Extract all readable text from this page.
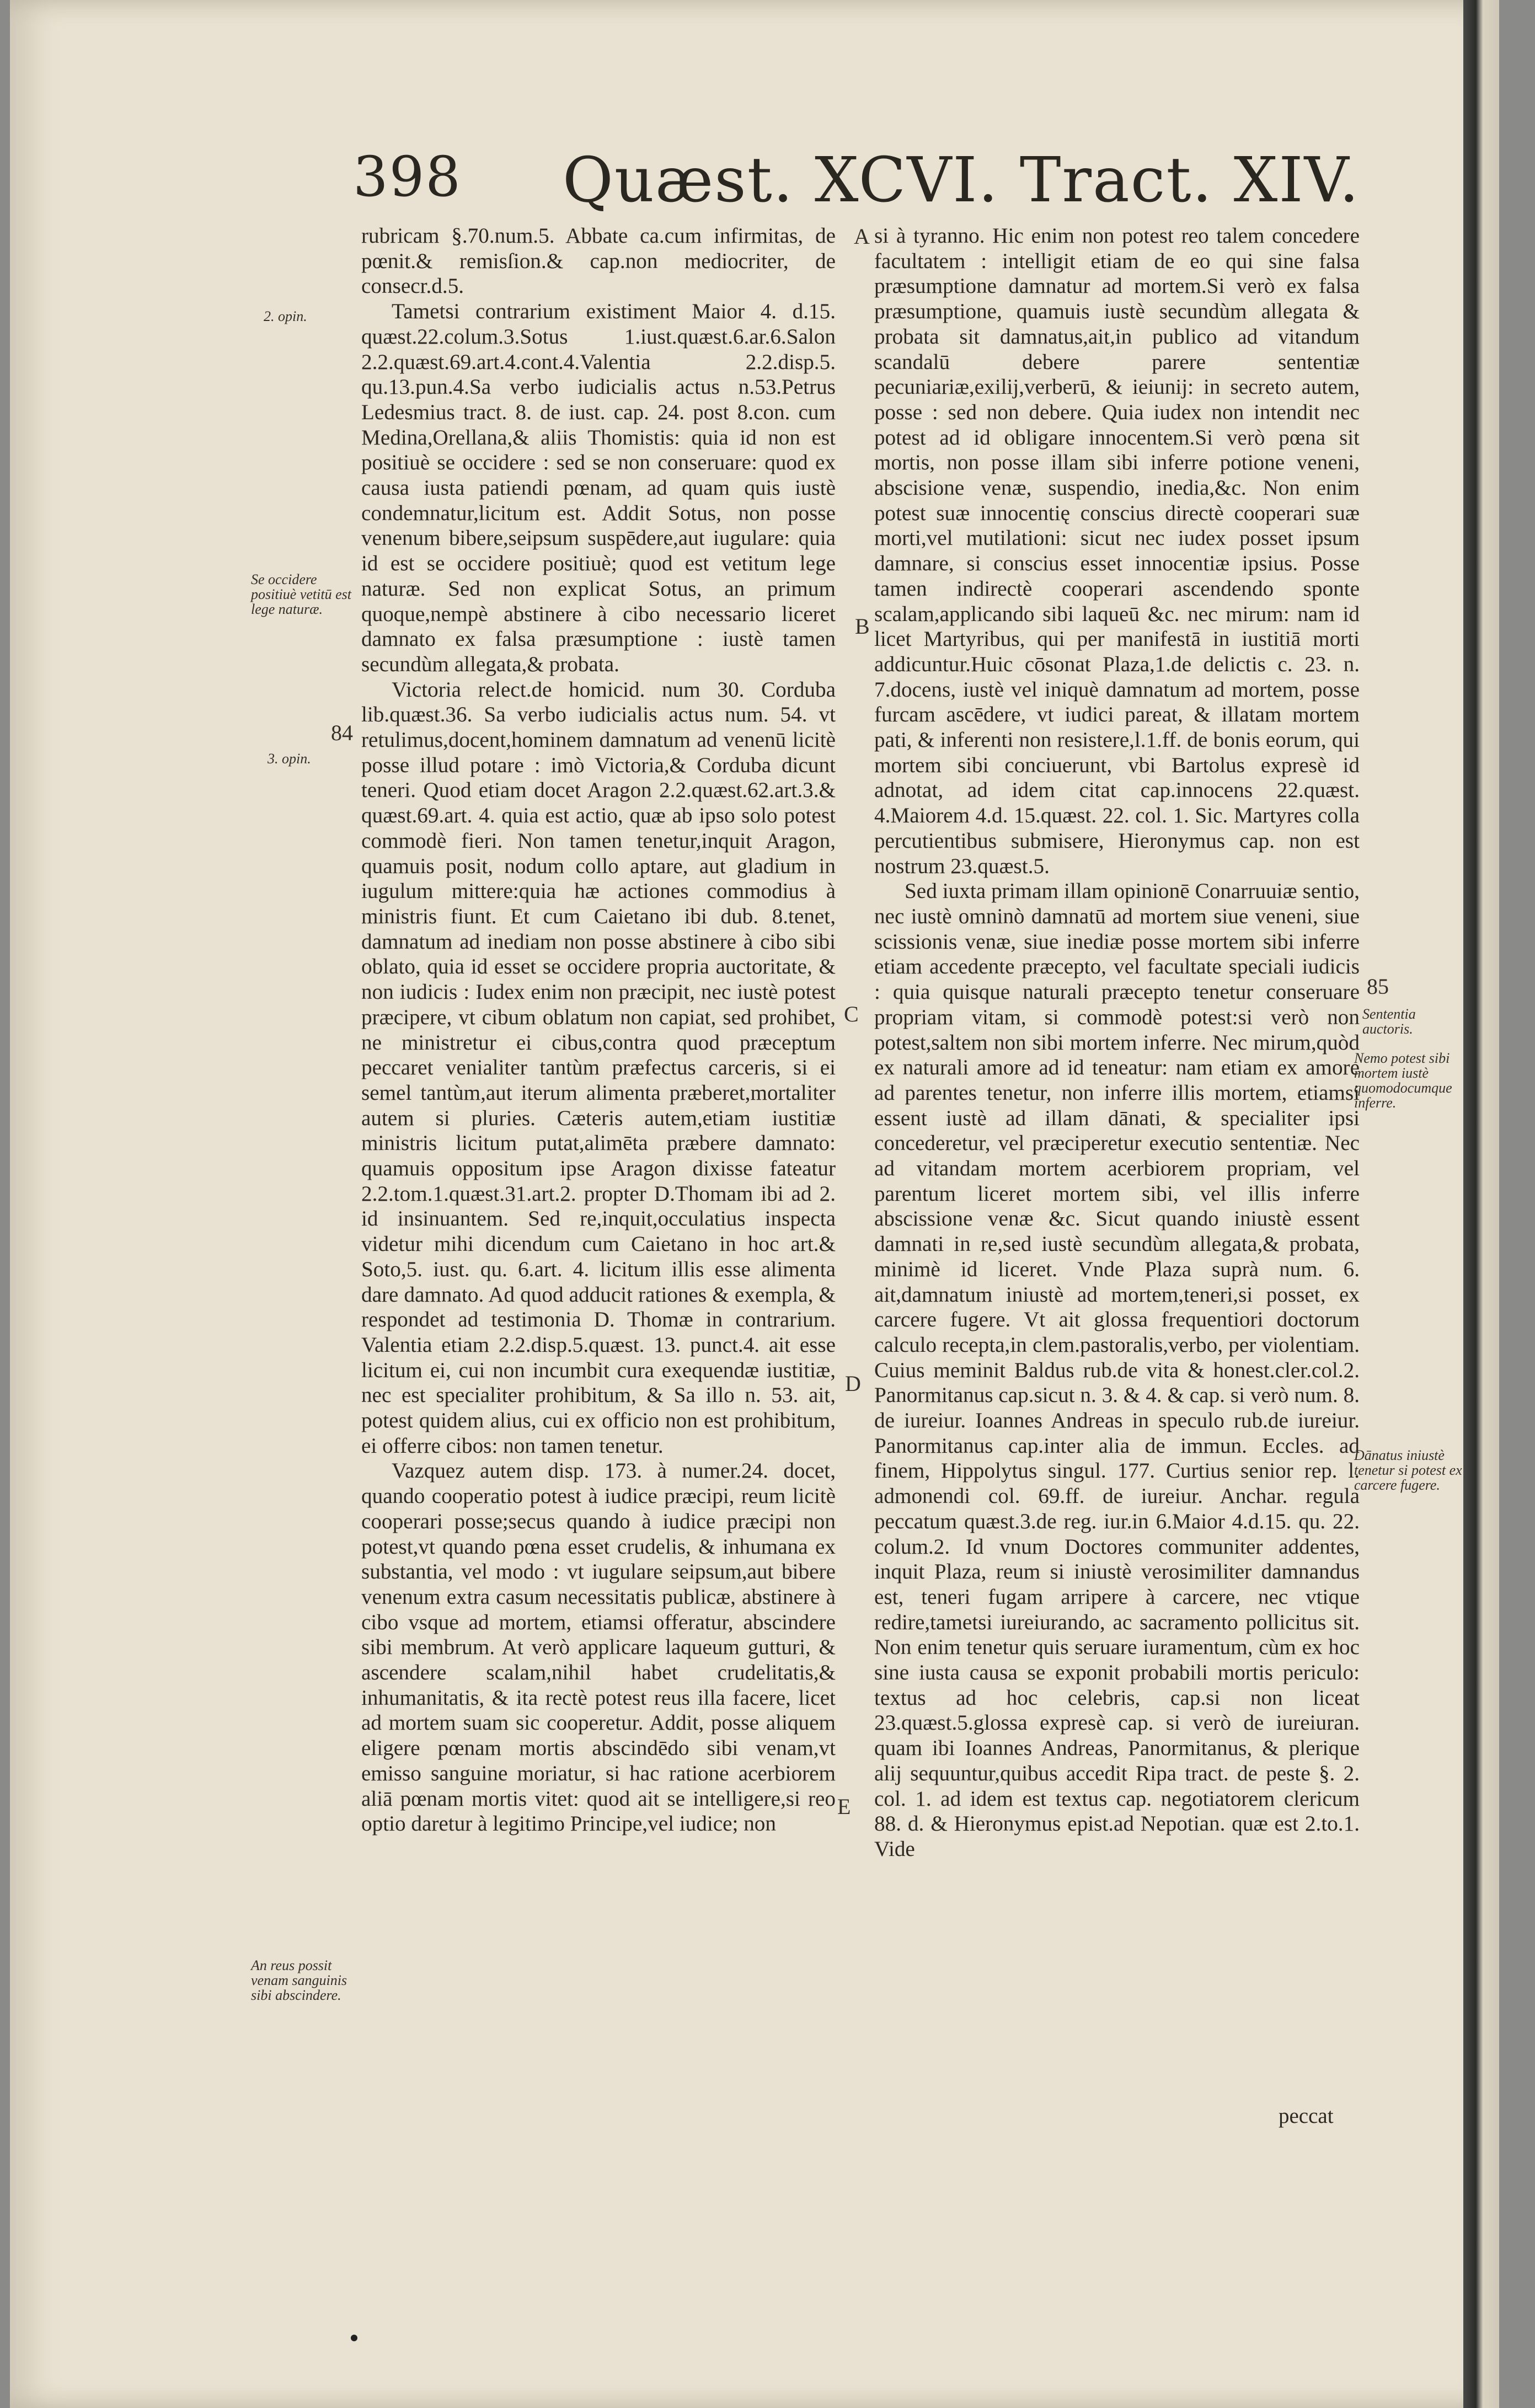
398 Quæst. XCVI. Tract. XIV.
2. opin.
Se occidere positiuè vetitū est lege naturæ.
84
3. opin.
An reus possit venam sanguinis sibi abscindere.
A
B
C
D
E
85
Sententia auctoris.
Nemo potest sibi mortem iustè quomodocumque inferre.
Dānatus iniustè tenetur si potest ex carcere fugere.

rubricam §.70.num.5. Abbate ca.cum infirmitas, de pœnit.& remisſion.& cap.non mediocriter, de consecr.d.5.

Tametsi contrarium existiment Maior 4. d.15. quæst.22.colum.3.Sotus 1.iust.quæst.6.ar.6.Salon 2.2.quæst.69.art.4.cont.4.Valentia 2.2.disp.5. qu.13.pun.4.Sa verbo iudicialis actus n.53.Petrus Ledesmius tract. 8. de iust. cap. 24. post 8.con. cum Medina,Orellana,& aliis Thomistis: quia id non est positiuè se occidere : sed se non conseruare: quod ex causa iusta patiendi pœnam, ad quam quis iustè condemnatur,licitum est. Addit Sotus, non posse venenum bibere,seipsum suspēdere,aut iugulare: quia id est se occidere positiuè; quod est vetitum lege naturæ. Sed non explicat Sotus, an primum quoque,nempè abstinere à cibo necessario liceret damnato ex falsa præsumptione : iustè tamen secundùm allegata,& probata.

Victoria relect.de homicid. num 30. Corduba lib.quæst.36. Sa verbo iudicialis actus num. 54. vt retulimus,docent,hominem damnatum ad venenū licitè posse illud potare : imò Victoria,& Corduba dicunt teneri. Quod etiam docet Aragon 2.2.quæst.62.art.3.& quæst.69.art. 4. quia est actio, quæ ab ipso solo potest commodè fieri. Non tamen tenetur,inquit Aragon, quamuis posit, nodum collo aptare, aut gladium in iugulum mittere:quia hæ actiones commodius à ministris fiunt. Et cum Caietano ibi dub. 8.tenet, damnatum ad inediam non posse abstinere à cibo sibi oblato, quia id esset se occidere propria auctoritate, & non iudicis : Iudex enim non præcipit, nec iustè potest præcipere, vt cibum oblatum non capiat, sed prohibet, ne ministretur ei cibus,contra quod præceptum peccaret venialiter tantùm præfectus carceris, si ei semel tantùm,aut iterum alimenta præberet,mortaliter autem si pluries. Cæteris autem,etiam iustitiæ ministris licitum putat,alimēta præbere damnato: quamuis oppositum ipse Aragon dixisse fateatur 2.2.tom.1.quæst.31.art.2. propter D.Thomam ibi ad 2. id insinuantem. Sed re,inquit,occulatius inspecta videtur mihi dicendum cum Caietano in hoc art.& Soto,5. iust. qu. 6.art. 4. licitum illis esse alimenta dare damnato. Ad quod adducit rationes & exempla, & respondet ad testimonia D. Thomæ in contrarium. Valentia etiam 2.2.disp.5.quæst. 13. punct.4. ait esse licitum ei, cui non incumbit cura exequendæ iustitiæ, nec est specialiter prohibitum, & Sa illo n. 53. ait, potest quidem alius, cui ex officio non est prohibitum, ei offerre cibos: non tamen tenetur.

Vazquez autem disp. 173. à numer.24. docet, quando cooperatio potest à iudice præcipi, reum licitè cooperari posse;secus quando à iudice præcipi non potest,vt quando pœna esset crudelis, & inhumana ex substantia, vel modo : vt iugulare seipsum,aut bibere venenum extra casum necessitatis publicæ, abstinere à cibo vsque ad mortem, etiamsi offeratur, abscindere sibi membrum. At verò applicare laqueum gutturi, & ascendere scalam,nihil habet crudelitatis,& inhumanitatis, & ita rectè potest reus illa facere, licet ad mortem suam sic cooperetur. Addit, posse aliquem eligere pœnam mortis abscindēdo sibi venam,vt emisso sanguine moriatur, si hac ratione acerbiorem aliā pœnam mortis vitet: quod ait se intelligere,si reo optio daretur à legitimo Principe,vel iudice; non

si à tyranno. Hic enim non potest reo talem concedere facultatem : intelligit etiam de eo qui sine falsa præsumptione damnatur ad mortem.Si verò ex falsa præsumptione, quamuis iustè secundùm allegata & probata sit damnatus,ait,in publico ad vitandum scandalū debere parere sententiæ pecuniariæ,exilij,verberū, & ieiunij: in secreto autem, posse : sed non debere. Quia iudex non intendit nec potest ad id obligare innocentem.Si verò pœna sit mortis, non posse illam sibi inferre potione veneni, abscisione venæ, suspendio, inedia,&c. Non enim potest suæ innocentię conscius directè cooperari suæ morti,vel mutilationi: sicut nec iudex posset ipsum damnare, si conscius esset innocentiæ ipsius. Posse tamen indirectè cooperari ascendendo sponte scalam,applicando sibi laqueū &c. nec mirum: nam id licet Martyribus, qui per manifestā in iustitiā morti addicuntur.Huic cōsonat Plaza,1.de delictis c. 23. n. 7.docens, iustè vel iniquè damnatum ad mortem, posse furcam ascēdere, vt iudici pareat, & illatam mortem pati, & inferenti non resistere,l.1.ff. de bonis eorum, qui mortem sibi conciuerunt, vbi Bartolus expresè id adnotat, ad idem citat cap.innocens 22.quæst. 4.Maiorem 4.d. 15.quæst. 22. col. 1. Sic. Martyres colla percutientibus submisere, Hieronymus cap. non est nostrum 23.quæst.5.

Sed iuxta primam illam opinionē Conarruuiæ sentio, nec iustè omninò damnatū ad mortem siue veneni, siue scissionis venæ, siue inediæ posse mortem sibi inferre etiam accedente præcepto, vel facultate speciali iudicis : quia quisque naturali præcepto tenetur conseruare propriam vitam, si commodè potest:si verò non potest,saltem non sibi mortem inferre. Nec mirum,quòd ex naturali amore ad id teneatur: nam etiam ex amore ad parentes tenetur, non inferre illis mortem, etiamsi essent iustè ad illam dānati, & specialiter ipsi concederetur, vel præciperetur executio sententiæ. Nec ad vitandam mortem acerbiorem propriam, vel parentum liceret mortem sibi, vel illis inferre abscissione venæ &c. Sicut quando iniustè essent damnati in re,sed iustè secundùm allegata,& probata, minimè id liceret. Vnde Plaza suprà num. 6. ait,damnatum iniustè ad mortem,teneri,si posset, ex carcere fugere. Vt ait glossa frequentiori doctorum calculo recepta,in clem.pastoralis,verbo, per violentiam. Cuius meminit Baldus rub.de vita & honest.cler.col.2. Panormitanus cap.sicut n. 3. & 4. & cap. si verò num. 8. de iureiur. Ioannes Andreas in speculo rub.de iureiur. Panormitanus cap.inter alia de immun. Eccles. ad finem, Hippolytus singul. 177. Curtius senior rep. l. admonendi col. 69.ff. de iureiur. Anchar. regula peccatum quæst.3.de reg. iur.in 6.Maior 4.d.15. qu. 22. colum.2. Id vnum Doctores communiter addentes, inquit Plaza, reum si iniustè verosimiliter damnandus est, teneri fugam arripere à carcere, nec vtique redire,tametsi iureiurando, ac sacramento pollicitus sit. Non enim tenetur quis seruare iuramentum, cùm ex hoc sine iusta causa se exponit probabili mortis periculo: textus ad hoc celebris, cap.si non liceat 23.quæst.5.glossa expresè cap. si verò de iureiuran. quam ibi Ioannes Andreas, Panormitanus, & plerique alij sequuntur,quibus accedit Ripa tract. de peste §. 2. col. 1. ad idem est textus cap. negotiatorem clericum 88. d. & Hieronymus epist.ad Nepotian. quæ est 2.to.1. Vide

peccat
